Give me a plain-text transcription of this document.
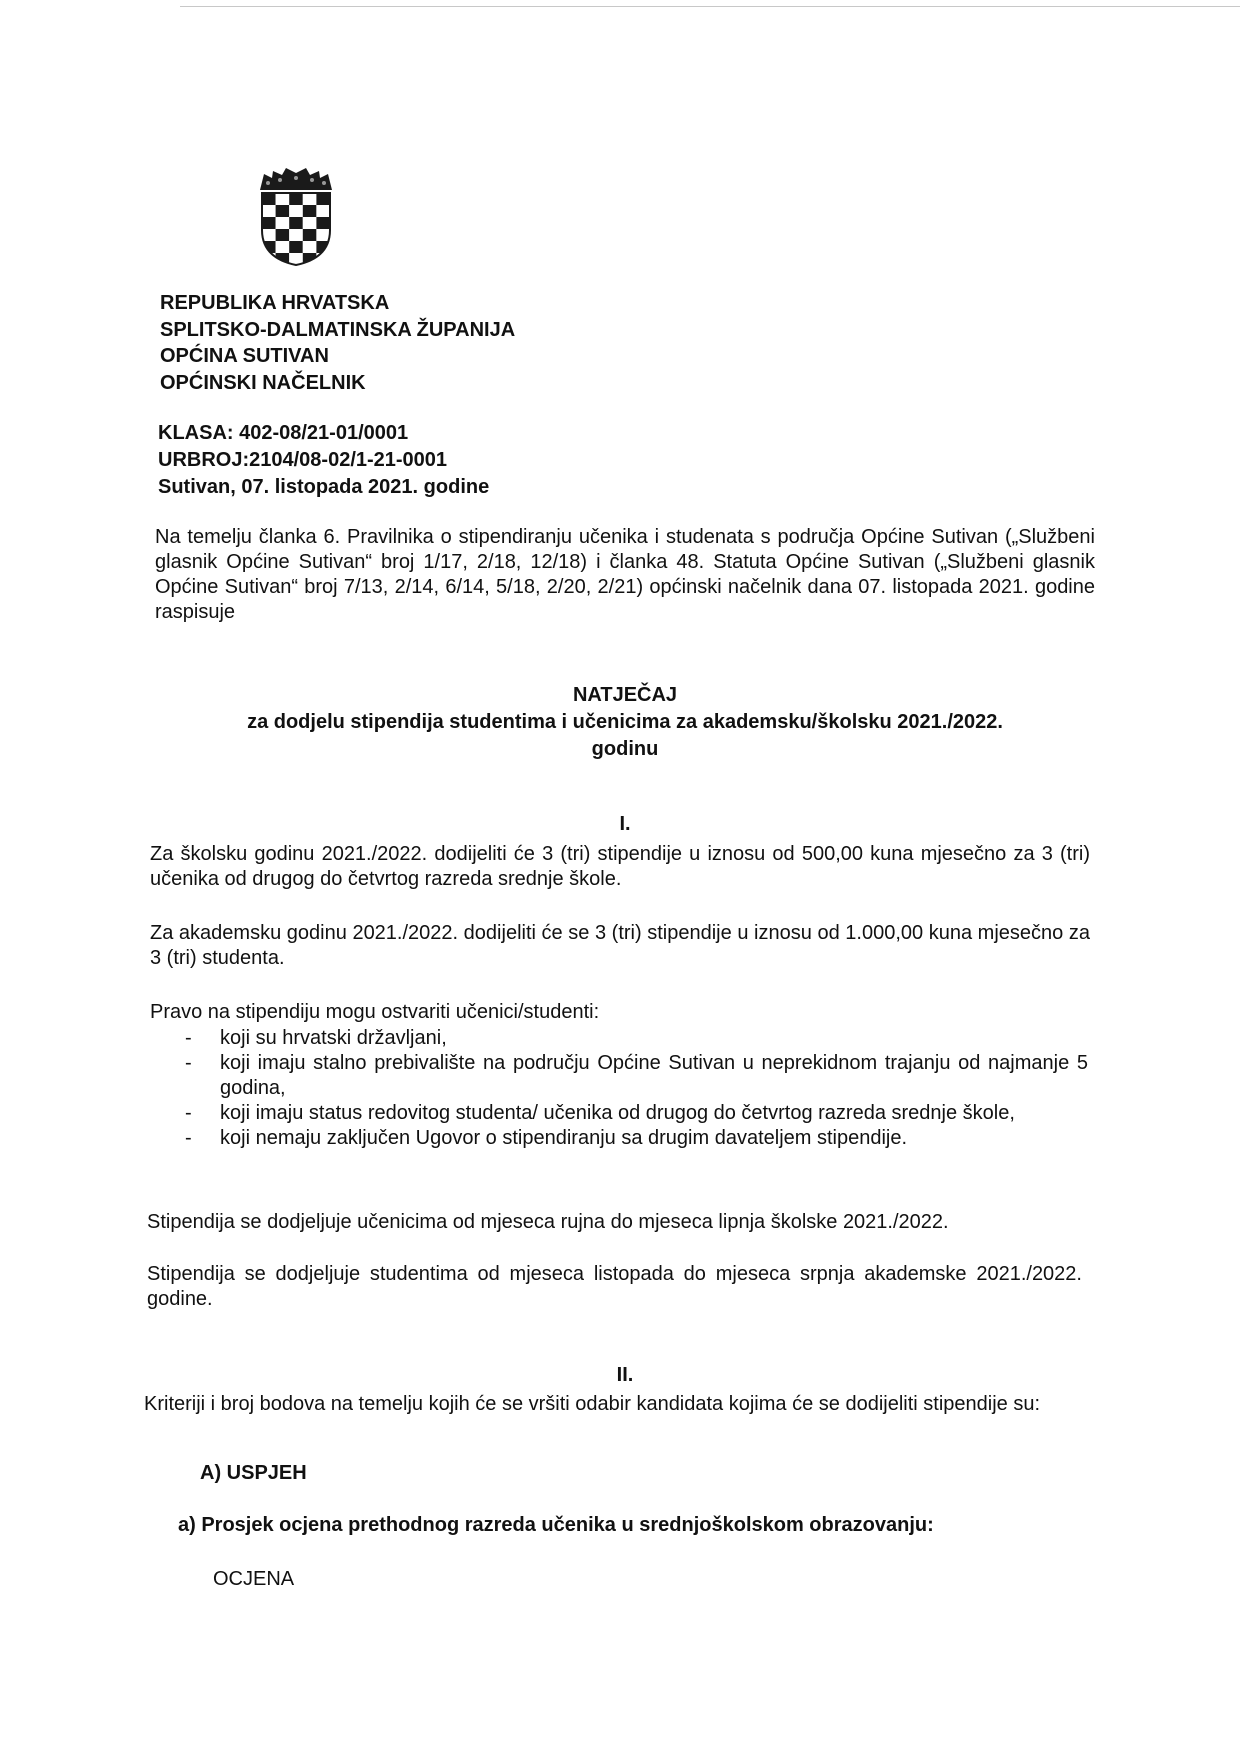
REPUBLIKA HRVATSKA
SPLITSKO-DALMATINSKA ŽUPANIJA
OPĆINA SUTIVAN
OPĆINSKI NAČELNIK
KLASA: 402-08/21-01/0001
URBROJ:2104/08-02/1-21-0001
Sutivan, 07. listopada 2021. godine
Na temelju članka 6. Pravilnika o stipendiranju učenika i studenata s područja Općine Sutivan („Službeni glasnik Općine Sutivan“ broj 1/17, 2/18, 12/18) i članka 48. Statuta Općine Sutivan („Službeni glasnik Općine Sutivan“ broj 7/13, 2/14, 6/14, 5/18, 2/20, 2/21) općinski načelnik dana 07. listopada 2021. godine raspisuje
NATJEČAJ
za dodjelu stipendija studentima i učenicima za akademsku/školsku 2021./2022.
godinu
I.
Za školsku godinu 2021./2022. dodijeliti će 3 (tri) stipendije u iznosu od 500,00 kuna mjesečno za 3 (tri) učenika od drugog do četvrtog razreda srednje škole.
Za akademsku godinu 2021./2022. dodijeliti će se 3 (tri) stipendije u iznosu od 1.000,00 kuna mjesečno za 3 (tri) studenta.
Pravo na stipendiju mogu ostvariti učenici/studenti:
- koji su hrvatski državljani,
- koji imaju stalno prebivalište na području Općine Sutivan u neprekidnom trajanju od najmanje 5 godina,
- koji imaju status redovitog studenta/ učenika od drugog do četvrtog razreda srednje škole,
- koji nemaju zaključen Ugovor o stipendiranju sa drugim davateljem stipendije.
Stipendija se dodjeljuje učenicima od mjeseca rujna do mjeseca lipnja školske 2021./2022.
Stipendija se dodjeljuje studentima od mjeseca listopada do mjeseca srpnja akademske 2021./2022. godine.
II.
Kriteriji i broj bodova na temelju kojih će se vršiti odabir kandidata kojima će se dodijeliti stipendije su:
A) USPJEH
a) Prosjek ocjena prethodnog razreda učenika u srednjoškolskom obrazovanju:
OCJENA
